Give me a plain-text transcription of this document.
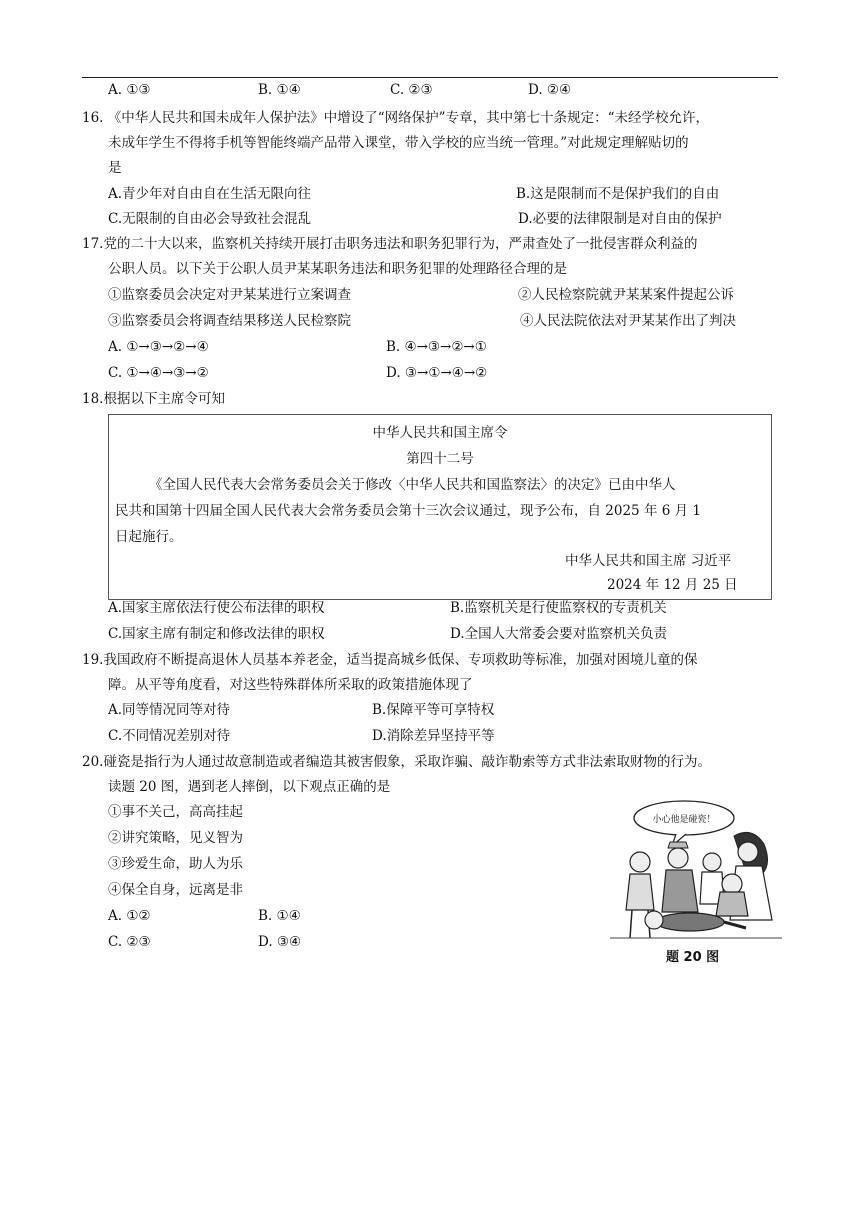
A. ①③	B. ①④	C. ②③	D. ②④
16. 《中华人民共和国未成年人保护法》中增设了“网络保护”专章，其中第七十条规定：“未经学校允许，
未成年学生不得将手机等智能终端产品带入课堂，带入学校的应当统一管理。”对此规定理解贴切的
是
A.青少年对自由自在生活无限向往	B.这是限制而不是保护我们的自由
C.无限制的自由必会导致社会混乱	D.必要的法律限制是对自由的保护
17.党的二十大以来，监察机关持续开展打击职务违法和职务犯罪行为，严肃查处了一批侵害群众利益的
公职人员。以下关于公职人员尹某某职务违法和职务犯罪的处理路径合理的是
①监察委员会决定对尹某某进行立案调查	②人民检察院就尹某某案件提起公诉
③监察委员会将调查结果移送人民检察院	④人民法院依法对尹某某作出了判决
A. ①→③→②→④	B. ④→③→②→①
C. ①→④→③→②	D. ③→①→④→②
18.根据以下主席令可知
中华人民共和国主席令
第四十二号
《全国人民代表大会常务委员会关于修改〈中华人民共和国监察法〉的决定》已由中华人
民共和国第十四届全国人民代表大会常务委员会第十三次会议通过，现予公布，自 2025 年 6 月 1
日起施行。
中华人民共和国主席 习近平
2024 年 12 月 25 日
A.国家主席依法行使公布法律的职权	B.监察机关是行使监察权的专责机关
C.国家主席有制定和修改法律的职权	D.全国人大常委会要对监察机关负责
19.我国政府不断提高退休人员基本养老金，适当提高城乡低保、专项救助等标准，加强对困境儿童的保
障。从平等角度看，对这些特殊群体所采取的政策措施体现了
A.同等情况同等对待	B.保障平等可享特权
C.不同情况差别对待	D.消除差异坚持平等
20.碰瓷是指行为人通过故意制造或者编造其被害假象，采取诈骗、敲诈勒索等方式非法索取财物的行为。
读题 20 图，遇到老人摔倒，以下观点正确的是
①事不关己，高高挂起
②讲究策略，见义智为
③珍爱生命，助人为乐
④保全自身，远离是非
A. ①②	B. ①④
C. ②③	D. ③④
小心他是碰瓷！
题 20 图
